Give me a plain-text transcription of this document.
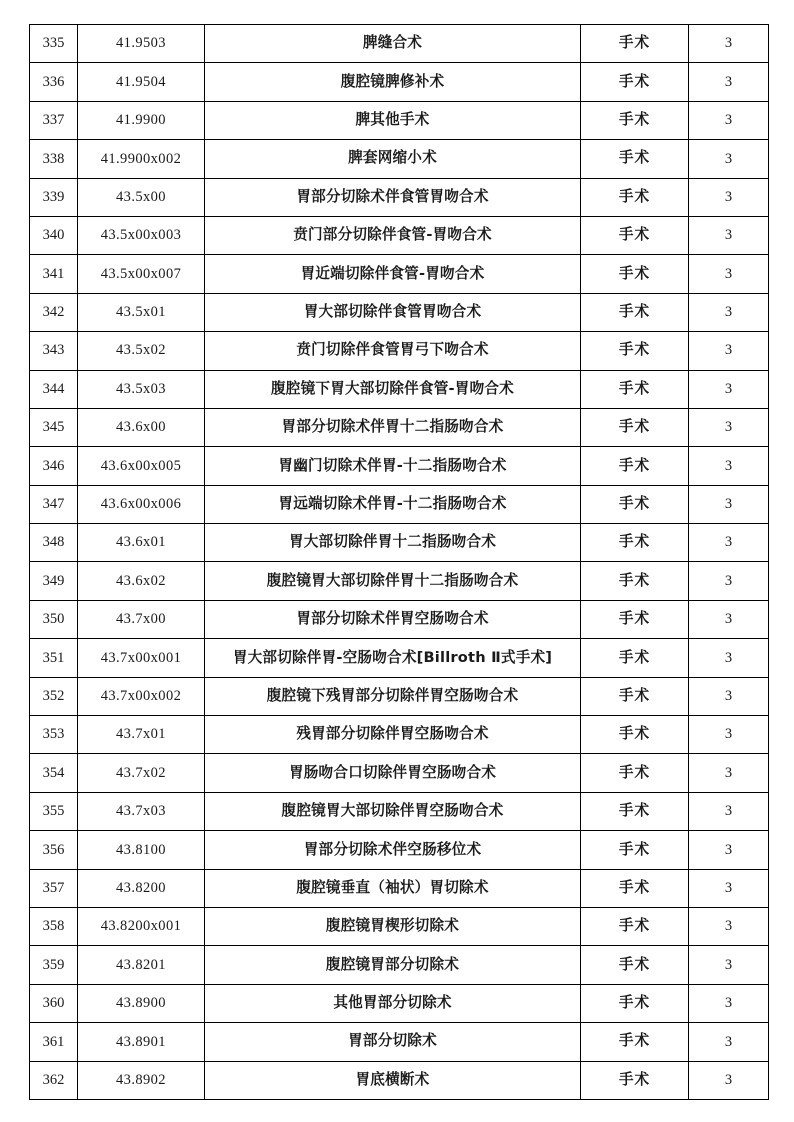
335	41.9503	脾缝合术	手术	3
336	41.9504	腹腔镜脾修补术	手术	3
337	41.9900	脾其他手术	手术	3
338	41.9900x002	脾套网缩小术	手术	3
339	43.5x00	胃部分切除术伴食管胃吻合术	手术	3
340	43.5x00x003	贲门部分切除伴食管-胃吻合术	手术	3
341	43.5x00x007	胃近端切除伴食管-胃吻合术	手术	3
342	43.5x01	胃大部切除伴食管胃吻合术	手术	3
343	43.5x02	贲门切除伴食管胃弓下吻合术	手术	3
344	43.5x03	腹腔镜下胃大部切除伴食管-胃吻合术	手术	3
345	43.6x00	胃部分切除术伴胃十二指肠吻合术	手术	3
346	43.6x00x005	胃幽门切除术伴胃-十二指肠吻合术	手术	3
347	43.6x00x006	胃远端切除术伴胃-十二指肠吻合术	手术	3
348	43.6x01	胃大部切除伴胃十二指肠吻合术	手术	3
349	43.6x02	腹腔镜胃大部切除伴胃十二指肠吻合术	手术	3
350	43.7x00	胃部分切除术伴胃空肠吻合术	手术	3
351	43.7x00x001	胃大部切除伴胃-空肠吻合术[Billroth Ⅱ式手术]	手术	3
352	43.7x00x002	腹腔镜下残胃部分切除伴胃空肠吻合术	手术	3
353	43.7x01	残胃部分切除伴胃空肠吻合术	手术	3
354	43.7x02	胃肠吻合口切除伴胃空肠吻合术	手术	3
355	43.7x03	腹腔镜胃大部切除伴胃空肠吻合术	手术	3
356	43.8100	胃部分切除术伴空肠移位术	手术	3
357	43.8200	腹腔镜垂直（袖状）胃切除术	手术	3
358	43.8200x001	腹腔镜胃楔形切除术	手术	3
359	43.8201	腹腔镜胃部分切除术	手术	3
360	43.8900	其他胃部分切除术	手术	3
361	43.8901	胃部分切除术	手术	3
362	43.8902	胃底横断术	手术	3
